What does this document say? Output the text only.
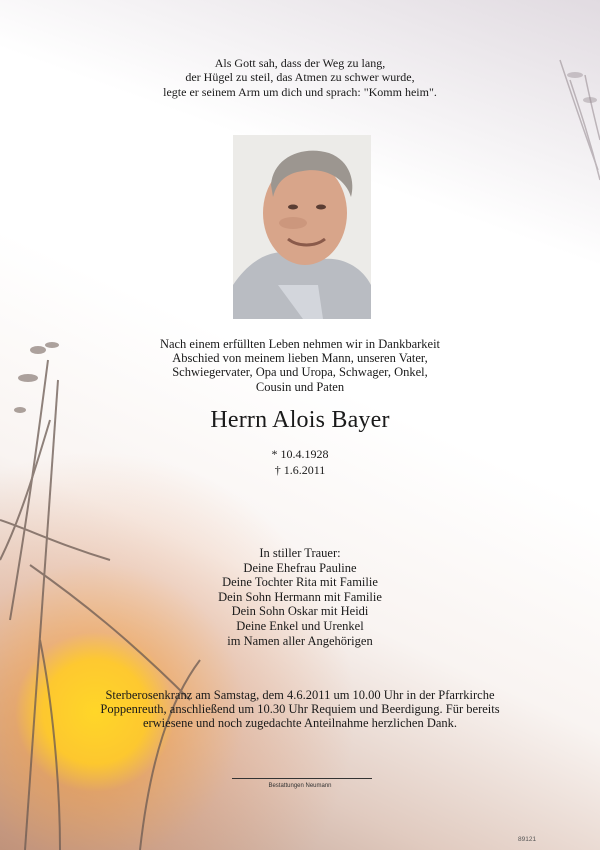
Als Gott sah, dass der Weg zu lang,
der Hügel zu steil, das Atmen zu schwer wurde,
legte er seinem Arm um dich und sprach: "Komm heim".
Nach einem erfüllten Leben nehmen wir in Dankbarkeit
Abschied von meinem lieben Mann, unseren Vater,
Schwiegervater, Opa und Uropa, Schwager, Onkel,
Cousin und Paten
Herrn Alois Bayer
* 10.4.1928
† 1.6.2011
In stiller Trauer:
Deine Ehefrau Pauline
Deine Tochter Rita mit Familie
Dein Sohn Hermann mit Familie
Dein Sohn Oskar mit Heidi
Deine Enkel und Urenkel
im Namen aller Angehörigen
Sterberosenkranz am Samstag, dem 4.6.2011 um 10.00 Uhr in der Pfarrkirche
Poppenreuth, anschließend um 10.30 Uhr Requiem und Beerdigung. Für bereits
erwiesene und noch zugedachte Anteilnahme herzlichen Dank.
Bestattungen Neumann
89121
